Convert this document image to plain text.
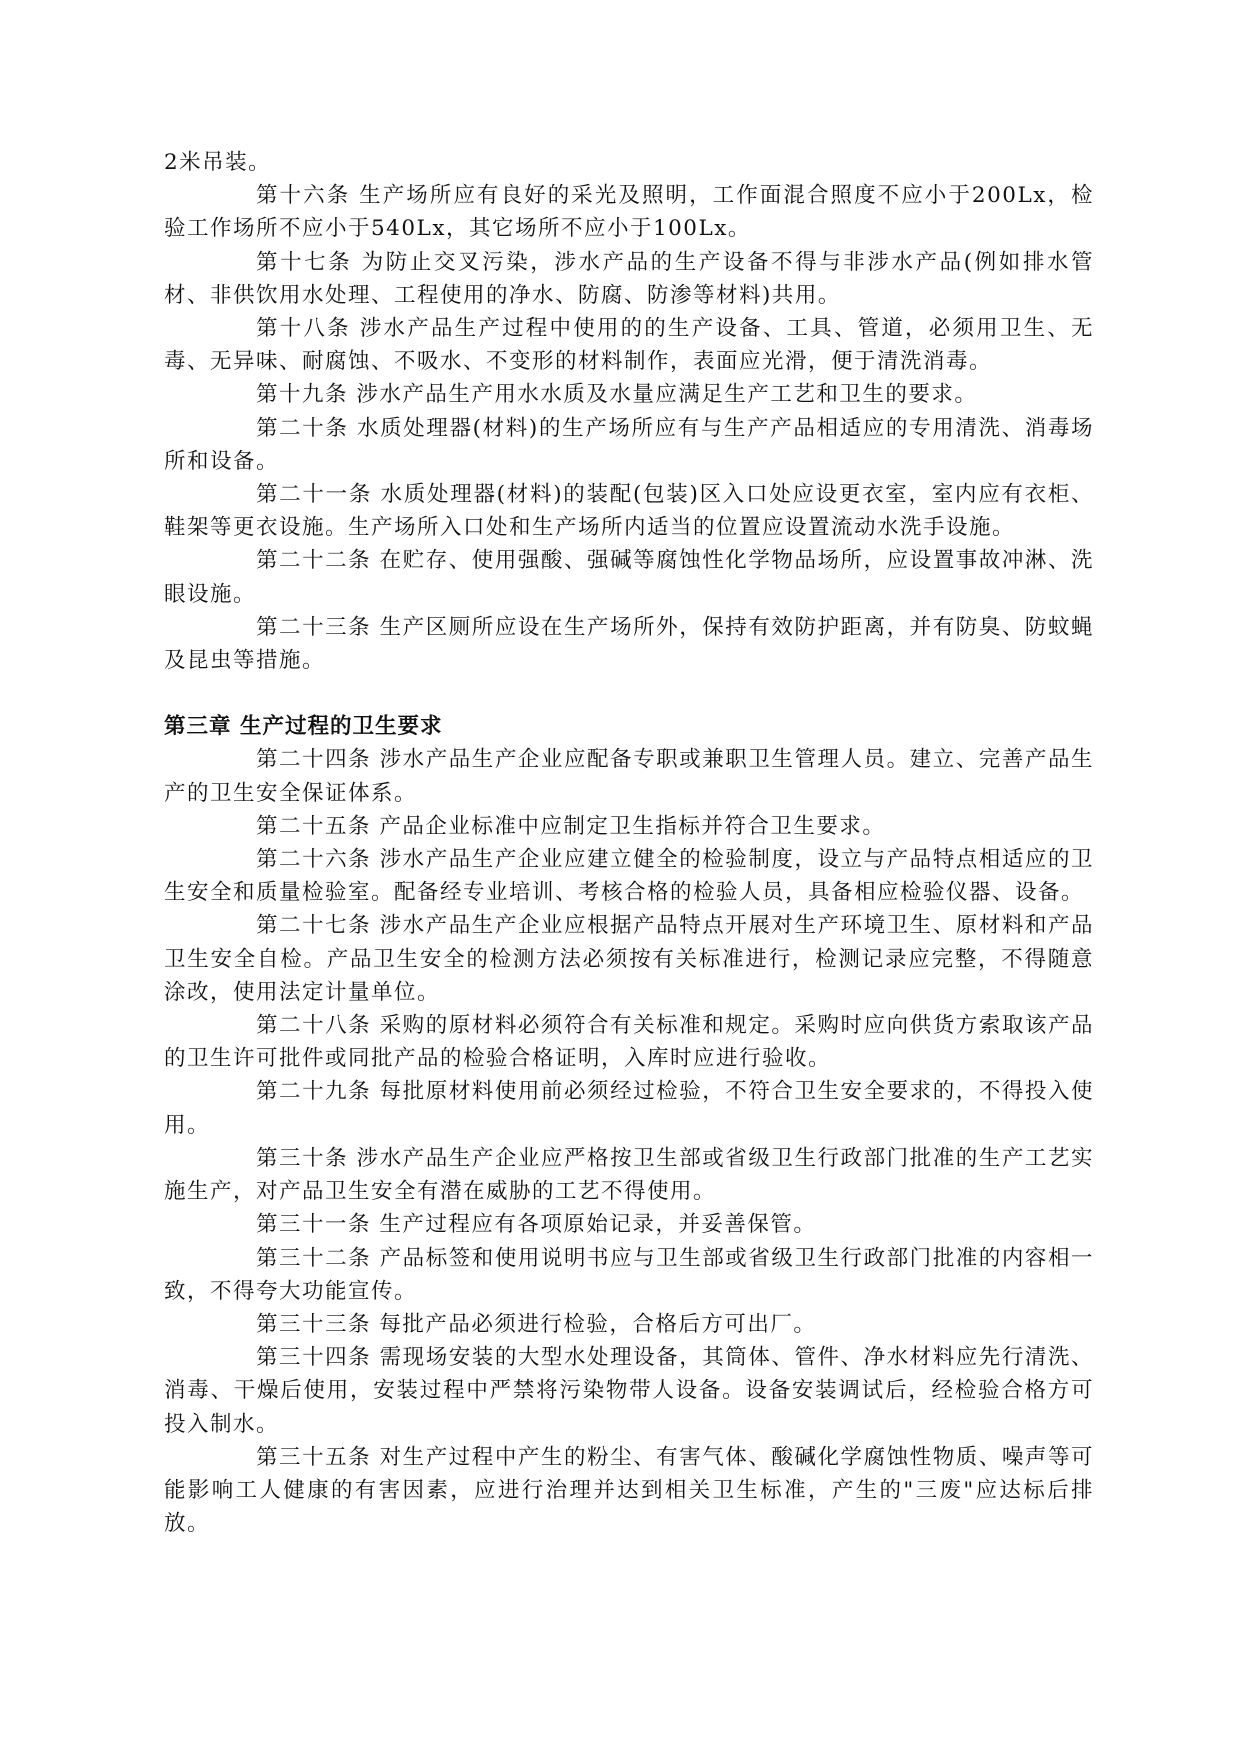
2米吊装。

第十六条 生产场所应有良好的采光及照明，工作面混合照度不应小于200Lx，检验工作场所不应小于540Lx，其它场所不应小于100Lx。

第十七条 为防止交叉污染，涉水产品的生产设备不得与非涉水产品(例如排水管材、非供饮用水处理、工程使用的净水、防腐、防渗等材料)共用。

第十八条 涉水产品生产过程中使用的的生产设备、工具、管道，必须用卫生、无毒、无异味、耐腐蚀、不吸水、不变形的材料制作，表面应光滑，便于清洗消毒。

第十九条 涉水产品生产用水水质及水量应满足生产工艺和卫生的要求。

第二十条 水质处理器(材料)的生产场所应有与生产产品相适应的专用清洗、消毒场所和设备。

第二十一条 水质处理器(材料)的装配(包装)区入口处应设更衣室，室内应有衣柜、鞋架等更衣设施。生产场所入口处和生产场所内适当的位置应设置流动水洗手设施。

第二十二条 在贮存、使用强酸、强碱等腐蚀性化学物品场所，应设置事故冲淋、洗眼设施。

第二十三条 生产区厕所应设在生产场所外，保持有效防护距离，并有防臭、防蚊蝇及昆虫等措施。

第三章 生产过程的卫生要求

第二十四条 涉水产品生产企业应配备专职或兼职卫生管理人员。建立、完善产品生产的卫生安全保证体系。

第二十五条 产品企业标准中应制定卫生指标并符合卫生要求。

第二十六条 涉水产品生产企业应建立健全的检验制度，设立与产品特点相适应的卫生安全和质量检验室。配备经专业培训、考核合格的检验人员，具备相应检验仪器、设备。

第二十七条 涉水产品生产企业应根据产品特点开展对生产环境卫生、原材料和产品卫生安全自检。产品卫生安全的检测方法必须按有关标准进行，检测记录应完整，不得随意涂改，使用法定计量单位。

第二十八条 采购的原材料必须符合有关标准和规定。采购时应向供货方索取该产品的卫生许可批件或同批产品的检验合格证明，入库时应进行验收。

第二十九条 每批原材料使用前必须经过检验，不符合卫生安全要求的，不得投入使用。

第三十条 涉水产品生产企业应严格按卫生部或省级卫生行政部门批准的生产工艺实施生产，对产品卫生安全有潜在威胁的工艺不得使用。

第三十一条 生产过程应有各项原始记录，并妥善保管。

第三十二条 产品标签和使用说明书应与卫生部或省级卫生行政部门批准的内容相一致，不得夸大功能宣传。

第三十三条 每批产品必须进行检验，合格后方可出厂。

第三十四条 需现场安装的大型水处理设备，其筒体、管件、净水材料应先行清洗、消毒、干燥后使用，安装过程中严禁将污染物带人设备。设备安装调试后，经检验合格方可投入制水。

第三十五条 对生产过程中产生的粉尘、有害气体、酸碱化学腐蚀性物质、噪声等可能影响工人健康的有害因素，应进行治理并达到相关卫生标准，产生的"三废"应达标后排放。
